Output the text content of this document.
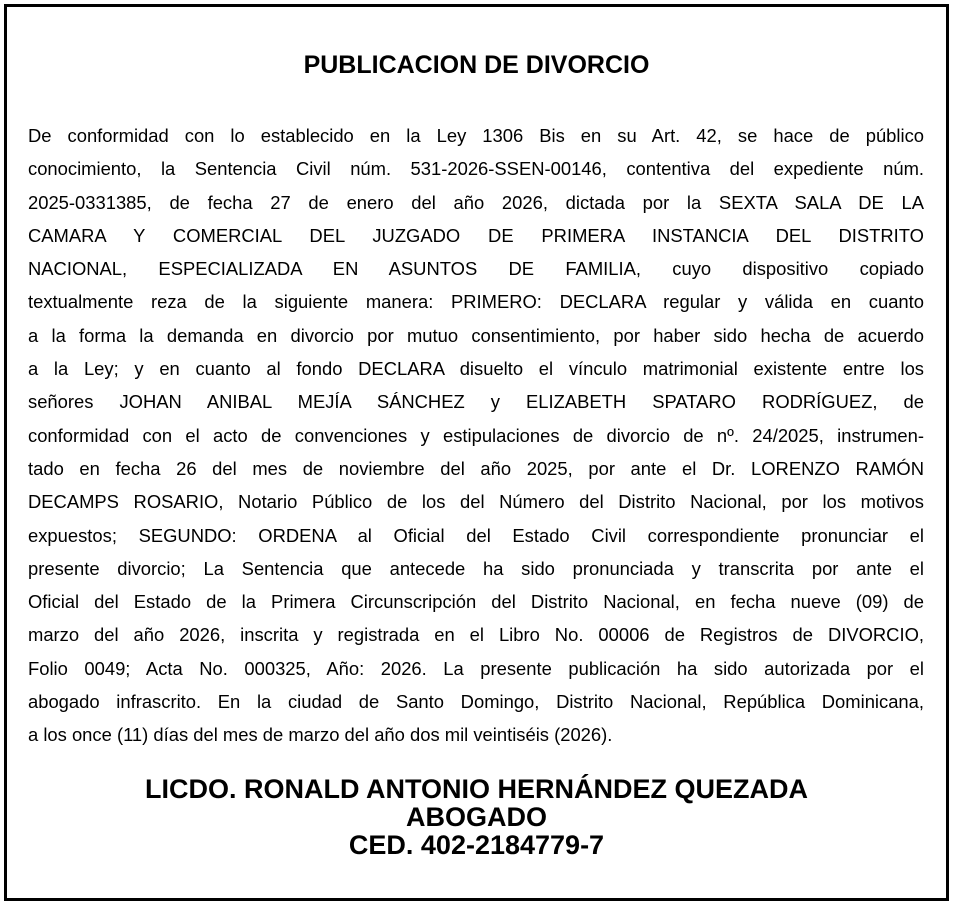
PUBLICACION DE DIVORCIO
De conformidad con lo establecido en la Ley 1306 Bis en su Art. 42, se hace de público
conocimiento, la Sentencia Civil núm. 531-2026-SSEN-00146, contentiva del expediente núm.
2025-0331385, de fecha 27 de enero del año 2026, dictada por la SEXTA SALA DE LA
CAMARA Y COMERCIAL DEL JUZGADO DE PRIMERA INSTANCIA DEL DISTRITO
NACIONAL, ESPECIALIZADA EN ASUNTOS DE FAMILIA, cuyo dispositivo copiado
textualmente reza de la siguiente manera: PRIMERO: DECLARA regular y válida en cuanto
a la forma la demanda en divorcio por mutuo consentimiento, por haber sido hecha de acuerdo
a la Ley; y en cuanto al fondo DECLARA disuelto el vínculo matrimonial existente entre los
señores JOHAN ANIBAL MEJÍA SÁNCHEZ y ELIZABETH SPATARO RODRÍGUEZ, de
conformidad con el acto de convenciones y estipulaciones de divorcio de nº. 24/2025, instrumen-
tado en fecha 26 del mes de noviembre del año 2025, por ante el Dr. LORENZO RAMÓN
DECAMPS ROSARIO, Notario Público de los del Número del Distrito Nacional, por los motivos
expuestos; SEGUNDO: ORDENA al Oficial del Estado Civil correspondiente pronunciar el
presente divorcio; La Sentencia que antecede ha sido pronunciada y transcrita por ante el
Oficial del Estado de la Primera Circunscripción del Distrito Nacional, en fecha nueve (09) de
marzo del año 2026, inscrita y registrada en el Libro No. 00006 de Registros de DIVORCIO,
Folio 0049; Acta No. 000325, Año: 2026. La presente publicación ha sido autorizada por el
abogado infrascrito. En la ciudad de Santo Domingo, Distrito Nacional, República Dominicana,
a los once (11) días del mes de marzo del año dos mil veintiséis (2026).
LICDO. RONALD ANTONIO HERNÁNDEZ QUEZADA
ABOGADO
CED. 402-2184779-7
